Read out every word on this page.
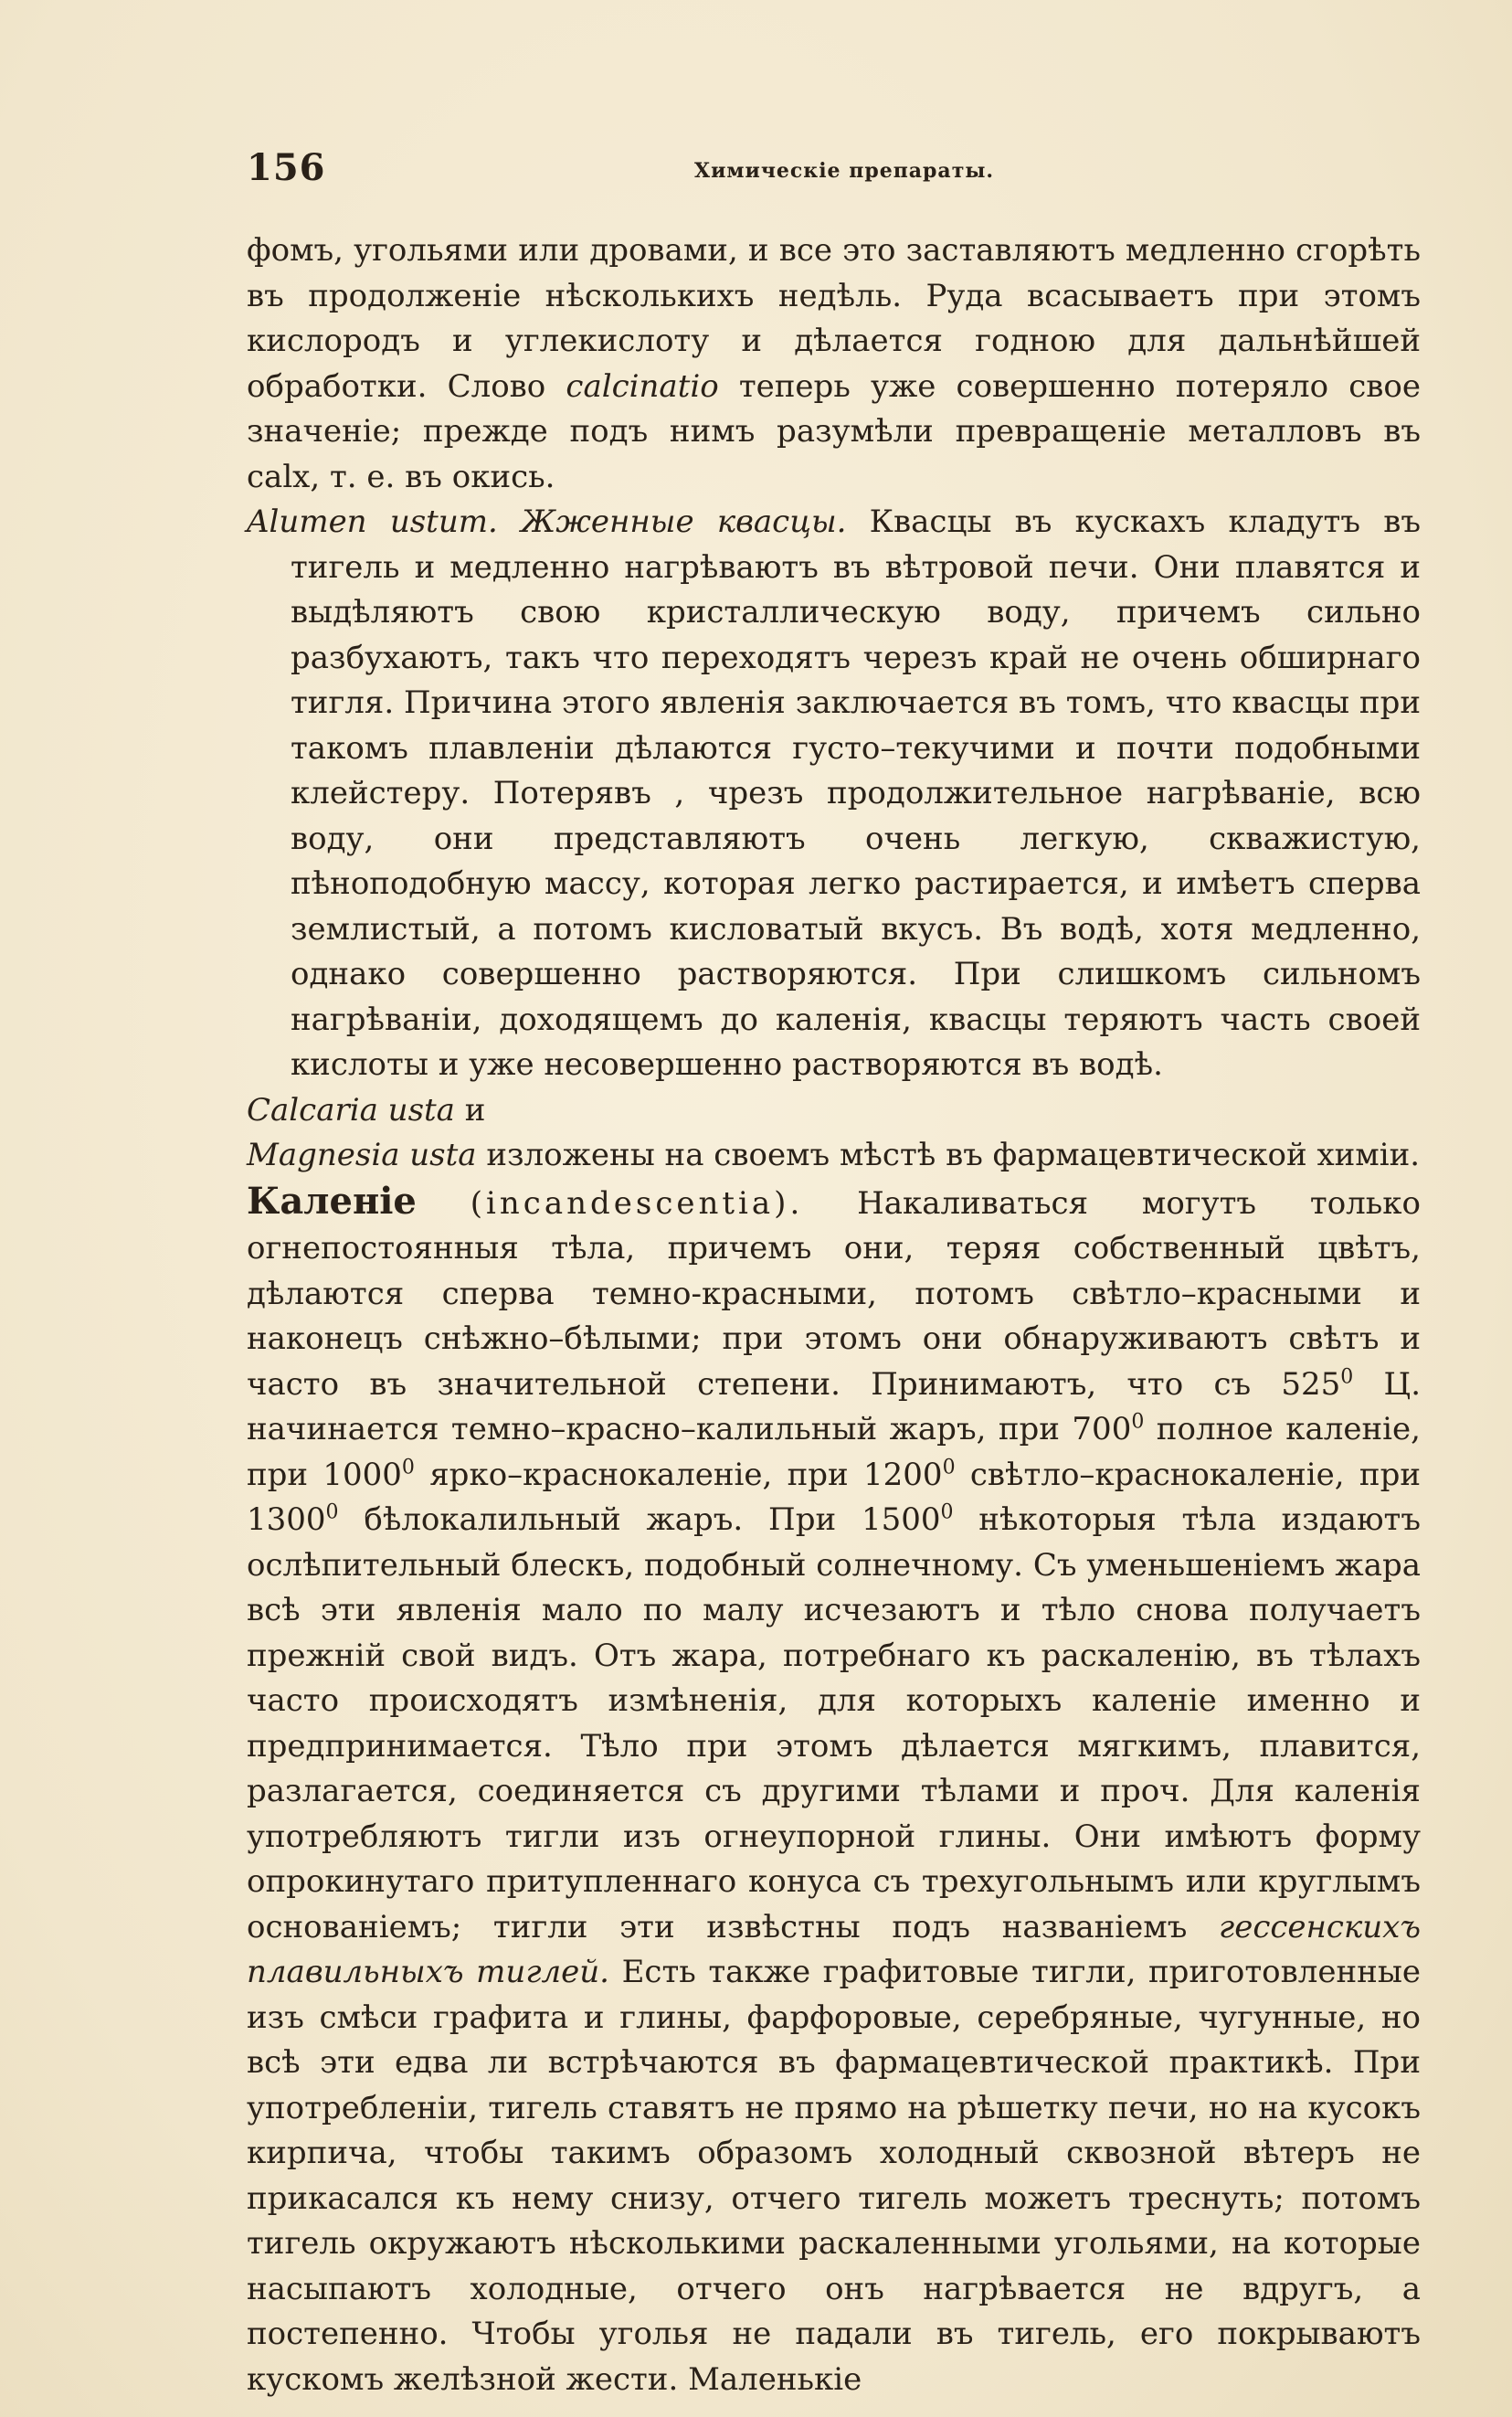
156	Химическiе препараты.

фомъ, угольями или дровами, и все это заставляютъ медленно сгорѣть въ продолженiе нѣсколькихъ недѣль. Руда всасываетъ при этомъ кислородъ и углекислоту и дѣлается годною для дальнѣйшей обработки. Слово calcinatio теперь уже совершенно потеряло свое значенiе; прежде подъ нимъ разумѣли превращенiе металловъ въ calx, т. е. въ окись.

Alumen ustum. Жженные квасцы. Квасцы въ кускахъ кладутъ въ тигель и медленно нагрѣваютъ въ вѣтровой печи. Они плавятся и выдѣляютъ свою кристаллическую воду, причемъ сильно разбухаютъ, такъ что переходятъ черезъ край не очень обширнаго тигля. Причина этого явленiя заключается въ томъ, что квасцы при такомъ плавленiи дѣлаются густо–текучими и почти подобными клейстеру. Потерявъ , чрезъ продолжительное нагрѣванiе, всю воду, они представляютъ очень легкую, скважистую, пѣноподобную массу, которая легко растирается, и имѣетъ сперва землистый, а потомъ кисловатый вкусъ. Въ водѣ, хотя медленно, однако совершенно растворяются. При слишкомъ сильномъ нагрѣванiи, доходящемъ до каленiя, квасцы теряютъ часть своей кислоты и уже несовершенно растворяются въ водѣ.

Calcaria usta и

Magnesia usta изложены на своемъ мѣстѣ въ фармацевтической химiи.

Каленiе (incandescentia). Накаливаться могутъ только огнепостоянныя тѣла, причемъ они, теряя собственный цвѣтъ, дѣлаются сперва темно-красными, потомъ свѣтло–красными и наконецъ снѣжно–бѣлыми; при этомъ они обнаруживаютъ свѣтъ и часто въ значительной степени. Принимаютъ, что съ $525^0$ Ц. начинается темно–красно–калильный жаръ, при $700^0$ полное каленiе, при 1000$^0$ ярко–краснокаленiе, при 1200$^0$ свѣтло–краснокаленiе, при 1300$^0$ бѣлокалильный жаръ. При 1500$^0$ нѣкоторыя тѣла издаютъ ослѣпительный блескъ, подобный солнечному. Съ уменьшенiемъ жара всѣ эти явленiя мало по малу исчезаютъ и тѣло снова получаетъ прежнiй свой видъ. Отъ жара, потребнаго къ раскаленiю, въ тѣлахъ часто происходятъ измѣненiя, для которыхъ каленiе именно и предпринимается. Тѣло при этомъ дѣлается мягкимъ, плавится, разлагается, соединяется съ другими тѣлами и проч. Для каленiя употребляютъ тигли изъ огнеупорной глины. Они имѣютъ форму опрокинутаго притупленнаго конуса съ трехугольнымъ или круглымъ основанiемъ; тигли эти извѣстны подъ названiемъ гессенскихъ плавильныхъ тиглей. Есть также графитовые тигли, приготовленные изъ смѣси графита и глины, фарфоровые, серебряные, чугунные, но всѣ эти едва ли встрѣчаются въ фармацевтической практикѣ. При употребленiи, тигель ставятъ не прямо на рѣшетку печи, но на кусокъ кирпича, чтобы такимъ образомъ холодный сквозной вѣтеръ не прикасался къ нему снизу, отчего тигель можетъ треснуть; потомъ тигель окружаютъ нѣсколькими раскаленными угольями, на которые насыпаютъ холодные, отчего онъ нагрѣвается не вдругъ, а постепенно. Чтобы уголья не падали въ тигель, его покрываютъ кускомъ желѣзной жести. Маленькiе
